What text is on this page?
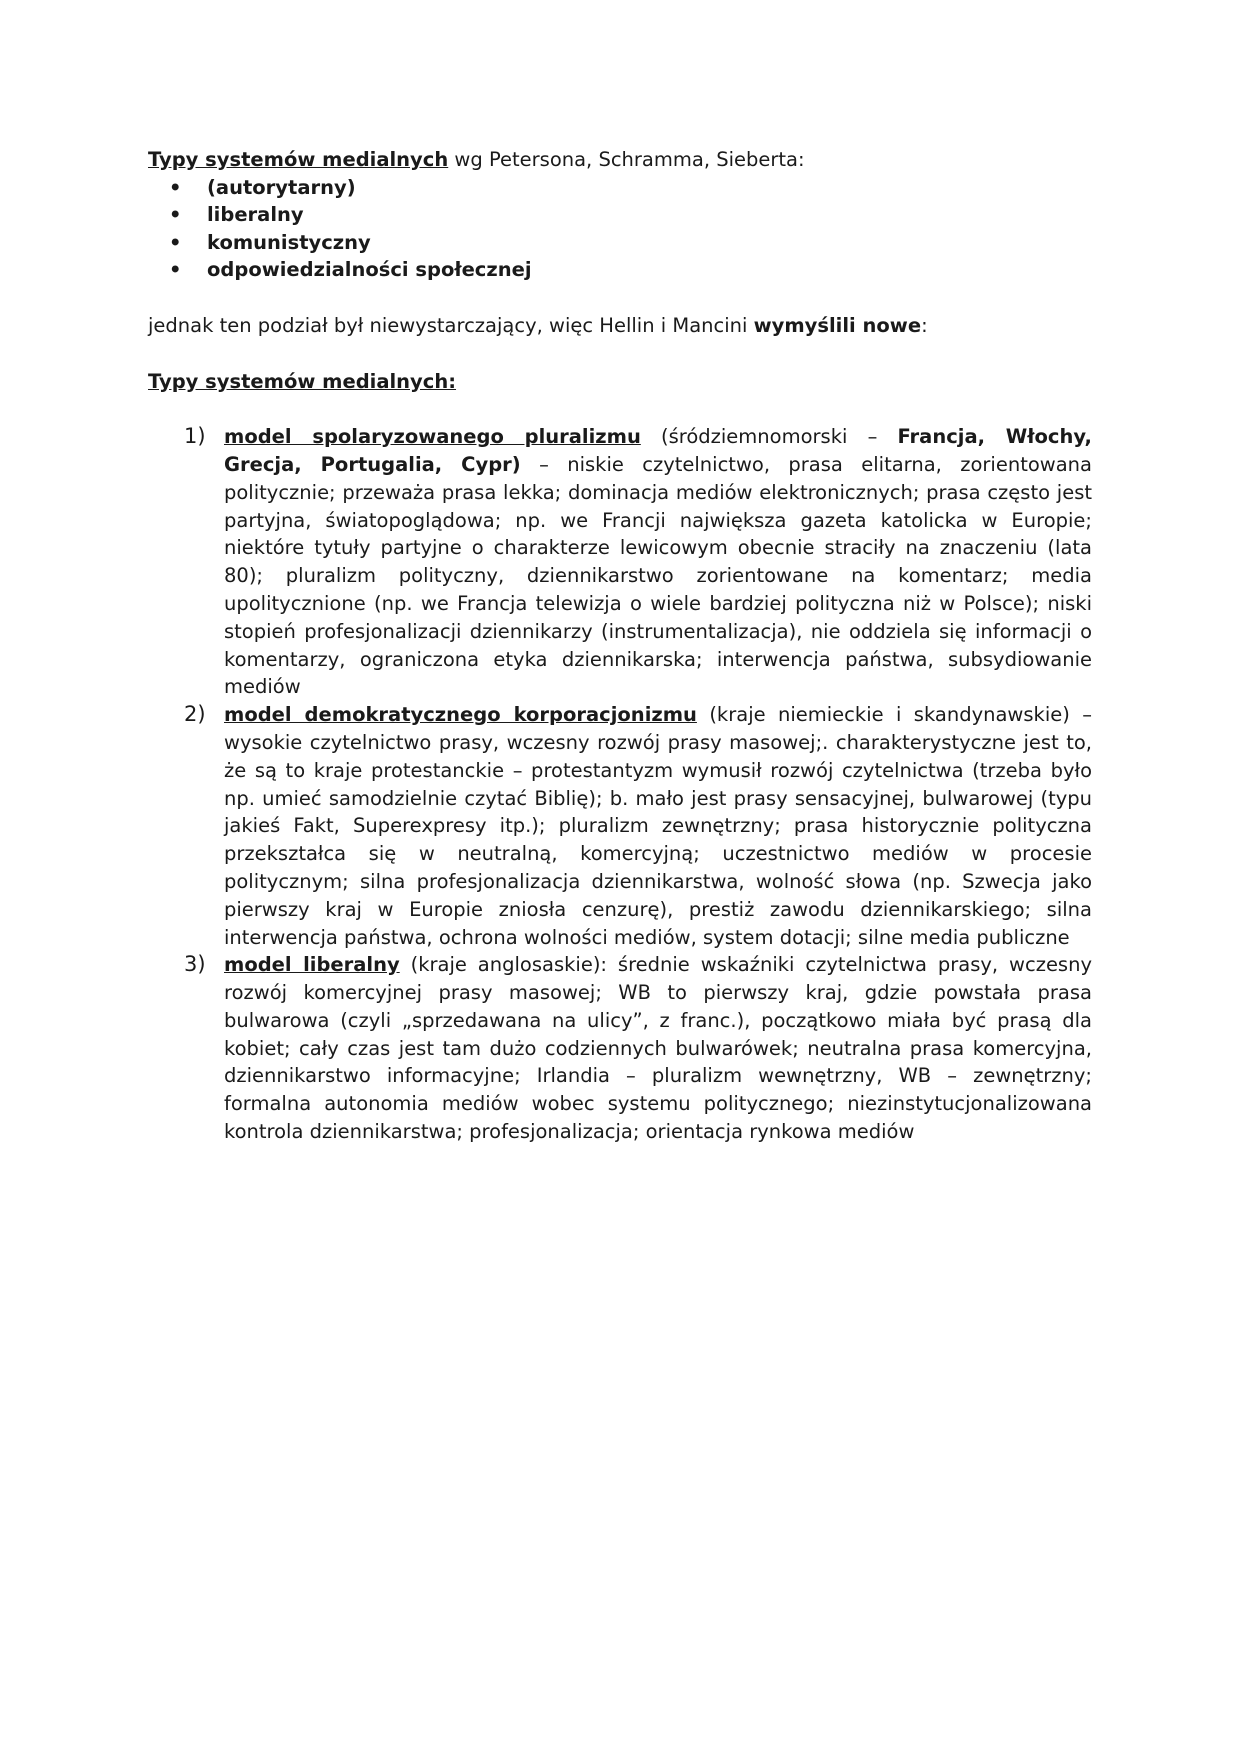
Typy systemów medialnych wg Petersona, Schramma, Sieberta:
• (autorytarny)
• liberalny
• komunistyczny
• odpowiedzialności społecznej
jednak ten podział był niewystarczający, więc Hellin i Mancini wymyślili nowe:
Typy systemów medialnych:
1) model spolaryzowanego pluralizmu (śródziemnomorski – Francja, Włochy, Grecja, Portugalia, Cypr) – niskie czytelnictwo, prasa elitarna, zorientowana politycznie; przeważa prasa lekka; dominacja mediów elektronicznych; prasa często jest partyjna, światopoglądowa; np. we Francji największa gazeta katolicka w Europie; niektóre tytuły partyjne o charakterze lewicowym obecnie straciły na znaczeniu (lata 80); pluralizm polityczny, dziennikarstwo zorientowane na komentarz; media upolitycznione (np. we Francja telewizja o wiele bardziej polityczna niż w Polsce); niski stopień profesjonalizacji dziennikarzy (instrumentalizacja), nie oddziela się informacji o komentarzy, ograniczona etyka dziennikarska; interwencja państwa, subsydiowanie mediów
2) model demokratycznego korporacjonizmu (kraje niemieckie i skandynawskie) – wysokie czytelnictwo prasy, wczesny rozwój prasy masowej;. charakterystyczne jest to, że są to kraje protestanckie – protestantyzm wymusił rozwój czytelnictwa (trzeba było np. umieć samodzielnie czytać Biblię); b. mało jest prasy sensacyjnej, bulwarowej (typu jakieś Fakt, Superexpresy itp.); pluralizm zewnętrzny; prasa historycznie polityczna przekształca się w neutralną, komercyjną; uczestnictwo mediów w procesie politycznym; silna profesjonalizacja dziennikarstwa, wolność słowa (np. Szwecja jako pierwszy kraj w Europie zniosła cenzurę), prestiż zawodu dziennikarskiego; silna interwencja państwa, ochrona wolności mediów, system dotacji; silne media publiczne
3) model liberalny (kraje anglosaskie): średnie wskaźniki czytelnictwa prasy, wczesny rozwój komercyjnej prasy masowej; WB to pierwszy kraj, gdzie powstała prasa bulwarowa (czyli „sprzedawana na ulicy”, z franc.), początkowo miała być prasą dla kobiet; cały czas jest tam dużo codziennych bulwarówek; neutralna prasa komercyjna, dziennikarstwo informacyjne; Irlandia – pluralizm wewnętrzny, WB – zewnętrzny; formalna autonomia mediów wobec systemu politycznego; niezinstytucjonalizowana kontrola dziennikarstwa; profesjonalizacja; orientacja rynkowa mediów
